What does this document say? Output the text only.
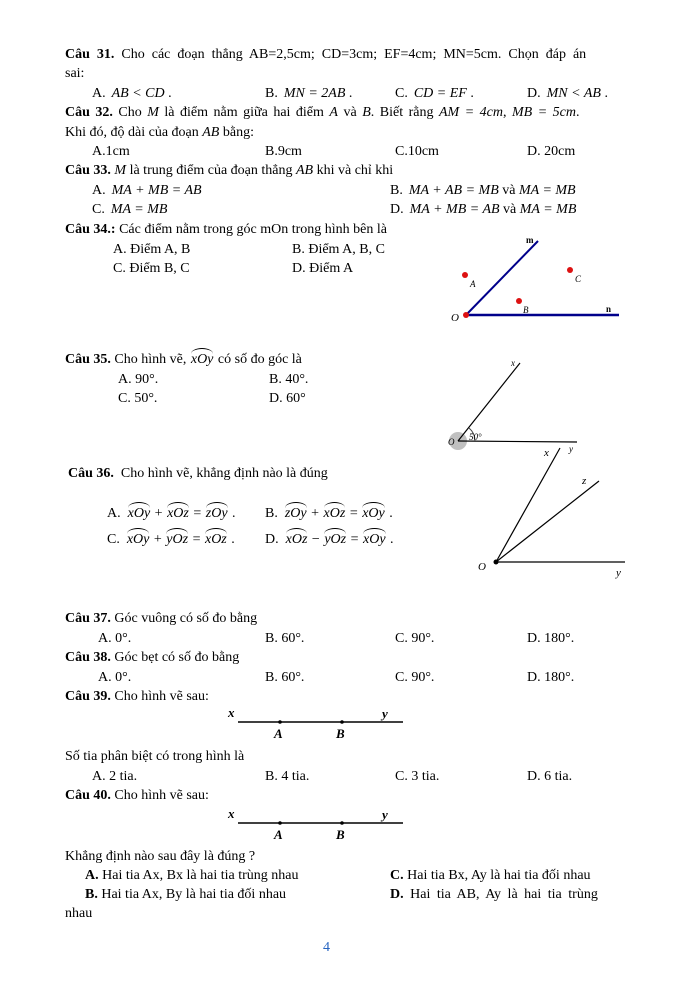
Câu 31. Cho các đoạn thẳng AB=2,5cm; CD=3cm; EF=4cm; MN=5cm. Chọn đáp án
sai:
A. AB < CD .	B. MN = 2AB .	C. CD = EF .	D. MN < AB .
Câu 32. Cho M là điểm nằm giữa hai điểm A và B. Biết rằng AM = 4cm, MB = 5cm.
Khi đó, độ dài của đoạn AB bằng:
A.1cm	B.9cm	C.10cm	D. 20cm
Câu 33. M là trung điểm của đoạn thẳng AB khi và chỉ khi
A. MA + MB = AB	B. MA + AB = MB và MA = MB
C. MA = MB	D. MA + MB = AB và MA = MB
Câu 34.: Các điểm nằm trong góc mOn trong hình bên là
A. Điểm A, B	B. Điểm A, B, C
C. Điểm B, C	D. Điểm A
m
n
O
A
B
C
Câu 35. Cho hình vẽ, xOy có số đo góc là
A. 90°.	B. 40°.
C. 50°.	D. 60°
O 50°
x
y
Câu 36. Cho hình vẽ, khẳng định nào là đúng
A. xOy + xOz = zOy . B. zOy + xOz = xOy .
C. xOy + yOz = xOz . D. xOz − yOz = xOy .
O
x
z
y
Câu 37. Góc vuông có số đo bằng
A. 0°.	B. 60°.	C. 90°.	D. 180°.
Câu 38. Góc bẹt có số đo bằng
A. 0°.	B. 60°.	C. 90°.	D. 180°.
Câu 39. Cho hình vẽ sau:
x	y
A	B
Số tia phân biệt có trong hình là
A. 2 tia.	B. 4 tia.	C. 3 tia.	D. 6 tia.
Câu 40. Cho hình vẽ sau:
x	y
A	B
Khẳng định nào sau đây là đúng ?
A. Hai tia Ax, Bx là hai tia trùng nhau	C. Hai tia Bx, Ay là hai tia đối nhau
B. Hai tia Ax, By là hai tia đối nhau	D. Hai tia AB, Ay là hai tia trùng
nhau
4
